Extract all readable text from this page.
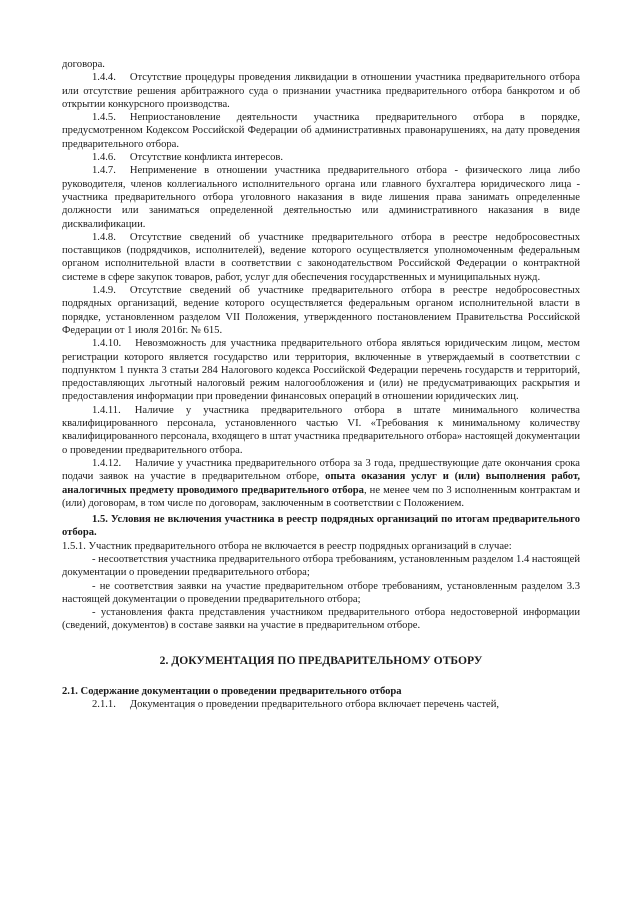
договора.

1.4.4. Отсутствие процедуры проведения ликвидации в отношении участника предварительного отбора или отсутствие решения арбитражного суда о признании участника предварительного отбора банкротом и об открытии конкурсного производства.

1.4.5. Неприостановление деятельности участника предварительного отбора в порядке, предусмотренном Кодексом Российской Федерации об административных правонарушениях, на дату проведения предварительного отбора.

1.4.6. Отсутствие конфликта интересов.

1.4.7. Неприменение в отношении участника предварительного отбора - физического лица либо руководителя, членов коллегиального исполнительного органа или главного бухгалтера юридического лица - участника предварительного отбора уголовного наказания в виде лишения права занимать определенные должности или заниматься определенной деятельностью или административного наказания в виде дисквалификации.

1.4.8. Отсутствие сведений об участнике предварительного отбора в реестре недобросовестных поставщиков (подрядчиков, исполнителей), ведение которого осуществляется уполномоченным федеральным органом исполнительной власти в соответствии с законодательством Российской Федерации о контрактной системе в сфере закупок товаров, работ, услуг для обеспечения государственных и муниципальных нужд.

1.4.9. Отсутствие сведений об участнике предварительного отбора в реестре недобросовестных подрядных организаций, ведение которого осуществляется федеральным органом исполнительной власти в порядке, установленном разделом VII Положения, утвержденного постановлением Правительства Российской Федерации от 1 июля 2016г. № 615.

1.4.10. Невозможность для участника предварительного отбора являться юридическим лицом, местом регистрации которого является государство или территория, включенные в утверждаемый в соответствии с подпунктом 1 пункта 3 статьи 284 Налогового кодекса Российской Федерации перечень государств и территорий, предоставляющих льготный налоговый режим налогообложения и (или) не предусматривающих раскрытия и предоставления информации при проведении финансовых операций в отношении юридических лиц.

1.4.11. Наличие у участника предварительного отбора в штате минимального количества квалифицированного персонала, установленного частью VI. «Требования к минимальному количеству квалифицированного персонала, входящего в штат участника предварительного отбора» настоящей документации о проведении предварительного отбора.

1.4.12. Наличие у участника предварительного отбора за 3 года, предшествующие дате окончания срока подачи заявок на участие в предварительном отборе, опыта оказания услуг и (или) выполнения работ, аналогичных предмету проводимого предварительного отбора, не менее чем по 3 исполненным контрактам и (или) договорам, в том числе по договорам, заключенным в соответствии с Положением.

1.5. Условия не включения участника в реестр подрядных организаций по итогам предварительного отбора.

1.5.1. Участник предварительного отбора не включается в реестр подрядных организаций в случае:

- несоответствия участника предварительного отбора требованиям, установленным разделом 1.4 настоящей документации о проведении предварительного отбора;

- не соответствия заявки на участие предварительном отборе требованиям, установленным разделом 3.3 настоящей документации о проведении предварительного отбора;

- установления факта представления участником предварительного отбора недостоверной информации (сведений, документов) в составе заявки на участие в предварительном отборе.

2. ДОКУМЕНТАЦИЯ ПО ПРЕДВАРИТЕЛЬНОМУ ОТБОРУ

2.1. Содержание документации о проведении предварительного отбора

2.1.1. Документация о проведении предварительного отбора включает перечень частей,
